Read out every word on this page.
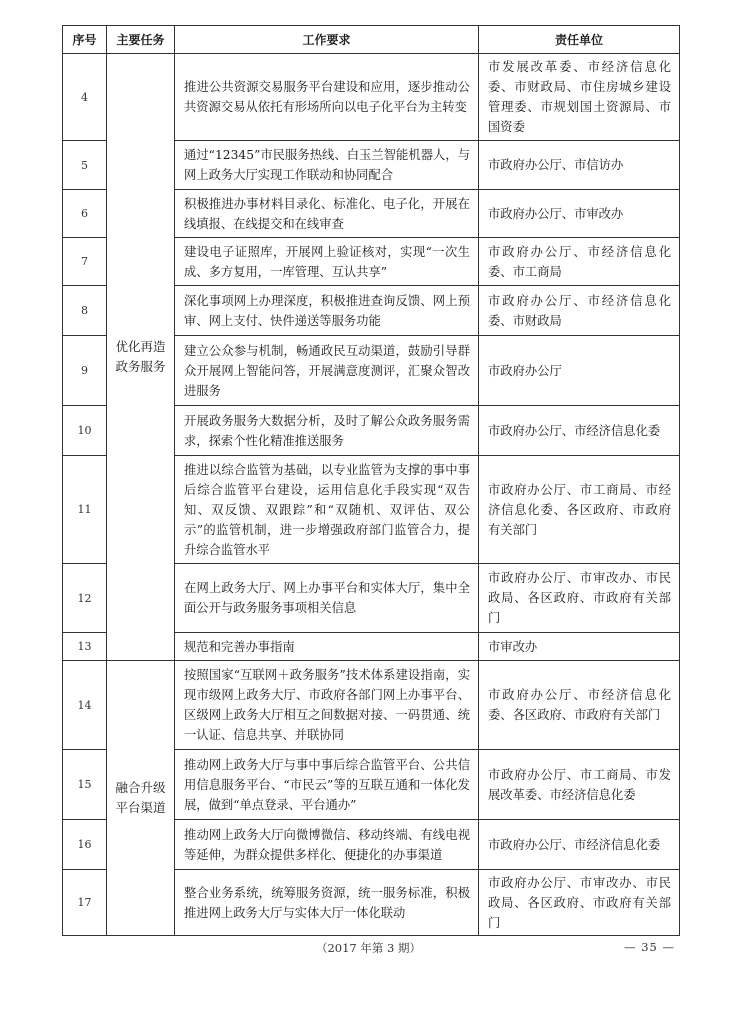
序号	主要任务	工作要求	责任单位
4	优化再造政务服务	推进公共资源交易服务平台建设和应用，逐步推动公共资源交易从依托有形场所向以电子化平台为主转变	市发展改革委、市经济信息化委、市财政局、市住房城乡建设管理委、市规划国土资源局、市国资委
5		通过“12345”市民服务热线、白玉兰智能机器人，与网上政务大厅实现工作联动和协同配合	市政府办公厅、市信访办
6		积极推进办事材料目录化、标准化、电子化，开展在线填报、在线提交和在线审查	市政府办公厅、市审改办
7		建设电子证照库，开展网上验证核对，实现“一次生成、多方复用，一库管理、互认共享”	市政府办公厅、市经济信息化委、市工商局
8		深化事项网上办理深度，积极推进查询反馈、网上预审、网上支付、快件递送等服务功能	市政府办公厅、市经济信息化委、市财政局
9		建立公众参与机制，畅通政民互动渠道，鼓励引导群众开展网上智能问答，开展满意度测评，汇聚众智改进服务	市政府办公厅
10		开展政务服务大数据分析，及时了解公众政务服务需求，探索个性化精准推送服务	市政府办公厅、市经济信息化委
11		推进以综合监管为基础，以专业监管为支撑的事中事后综合监管平台建设，运用信息化手段实现“双告知、双反馈、双跟踪”和“双随机、双评估、双公示”的监管机制，进一步增强政府部门监管合力，提升综合监管水平	市政府办公厅、市工商局、市经济信息化委、各区政府、市政府有关部门
12		在网上政务大厅、网上办事平台和实体大厅，集中全面公开与政务服务事项相关信息	市政府办公厅、市审改办、市民政局、各区政府、市政府有关部门
13		规范和完善办事指南	市审改办
14	融合升级平台渠道	按照国家“互联网＋政务服务”技术体系建设指南，实现市级网上政务大厅、市政府各部门网上办事平台、区级网上政务大厅相互之间数据对接、一码贯通、统一认证、信息共享、并联协同	市政府办公厅、市经济信息化委、各区政府、市政府有关部门
15		推动网上政务大厅与事中事后综合监管平台、公共信用信息服务平台、“市民云”等的互联互通和一体化发展，做到“单点登录、平台通办”	市政府办公厅、市工商局、市发展改革委、市经济信息化委
16		推动网上政务大厅向微博微信、移动终端、有线电视等延伸，为群众提供多样化、便捷化的办事渠道	市政府办公厅、市经济信息化委
17		整合业务系统，统筹服务资源，统一服务标准，积极推进网上政务大厅与实体大厅一体化联动	市政府办公厅、市审改办、市民政局、各区政府、市政府有关部门
（2017 年第 3 期）	— 35 —
